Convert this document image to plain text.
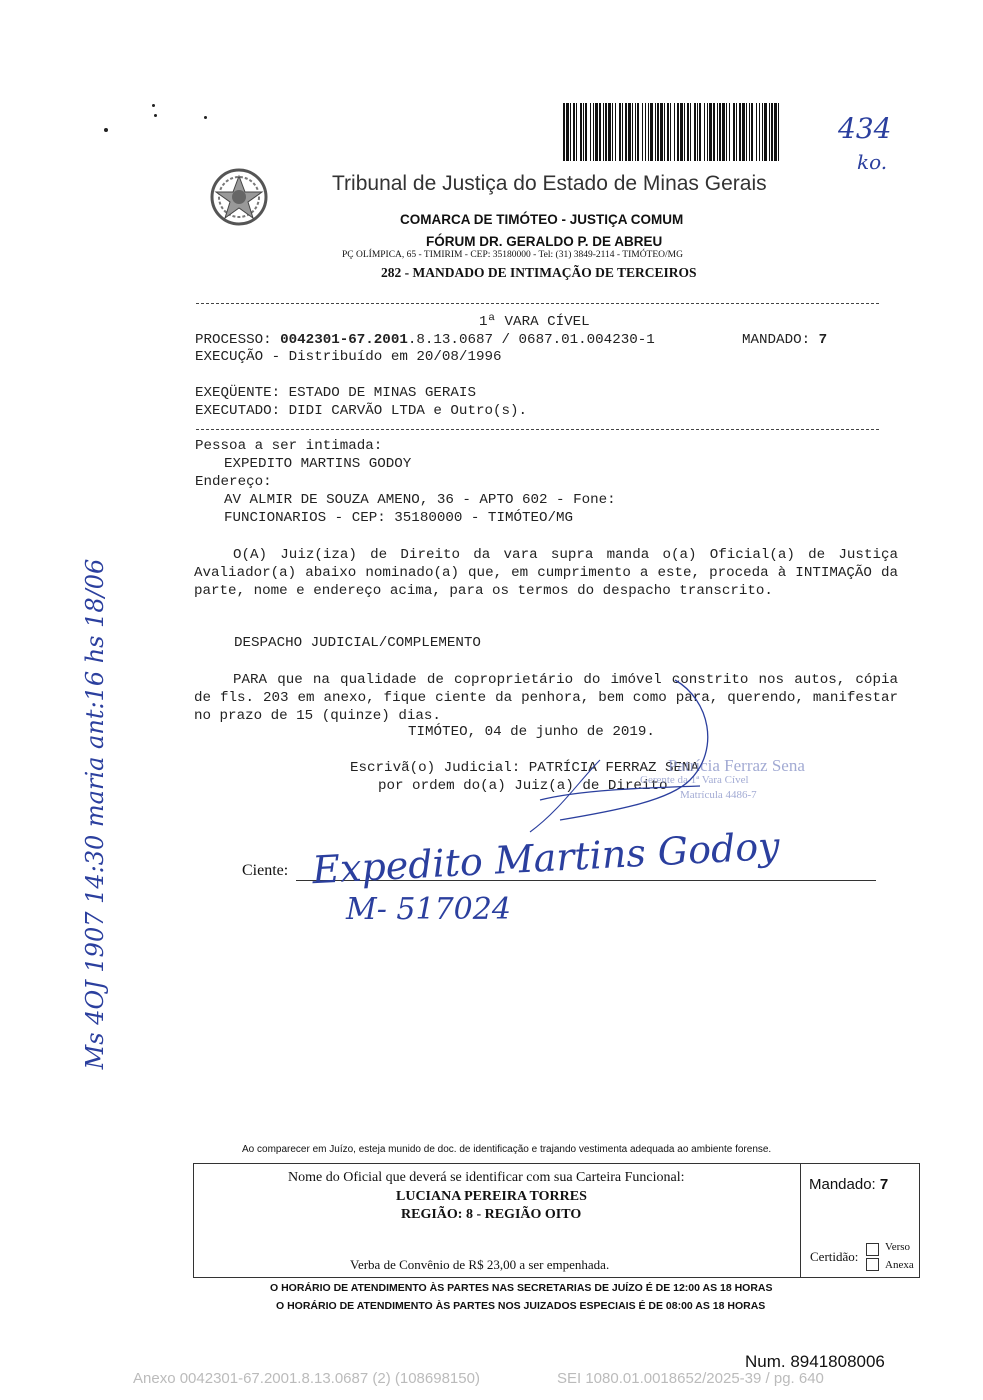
434
ko.
Tribunal de Justiça do Estado de Minas Gerais
COMARCA DE TIMÓTEO - JUSTIÇA COMUM
FÓRUM DR. GERALDO P. DE ABREU
PÇ OLÍMPICA, 65 - TIMIRIM - CEP: 35180000 - Tel: (31) 3849-2114 - TIMÓTEO/MG
282 - MANDADO DE INTIMAÇÃO DE TERCEIROS
1ª VARA CÍVEL
PROCESSO: 0042301-67.2001.8.13.0687 / 0687.01.004230-1	MANDADO: 7
EXECUÇÃO - Distribuído em 20/08/1996
EXEQÜENTE: ESTADO DE MINAS GERAIS
EXECUTADO: DIDI CARVÃO LTDA e Outro(s).
Pessoa a ser intimada:
EXPEDITO MARTINS GODOY
Endereço:
AV ALMIR DE SOUZA AMENO, 36 - APTO 602 - Fone:
FUNCIONARIOS - CEP: 35180000 - TIMÓTEO/MG
O(A) Juiz(iza) de Direito da vara supra manda o(a) Oficial(a) de Justiça Avaliador(a) abaixo nominado(a) que, em cumprimento a este, proceda à INTIMAÇÃO da parte, nome e endereço acima, para os termos do despacho transcrito.
DESPACHO JUDICIAL/COMPLEMENTO
PARA que na qualidade de coproprietário do imóvel constrito nos autos, cópia de fls. 203 em anexo, fique ciente da penhora, bem como para, querendo, manifestar no prazo de 15 (quinze) dias.
TIMÓTEO, 04 de junho de 2019.
Escrivã(o) Judicial: PATRÍCIA FERRAZ SENA
por ordem do(a) Juiz(a) de Direito
Patrícia Ferraz Sena
Gerente da 1ª Vara Cível
Matrícula 4486-7
Ciente: Expedito Martins Godoy
M- 517024
Ms 4OJ 1907 14:30 maria ant:16 hs 18/06
Ao comparecer em Juízo, esteja munido de doc. de identificação e trajando vestimenta adequada ao ambiente forense.
Nome do Oficial que deverá se identificar com sua Carteira Funcional:
LUCIANA PEREIRA TORRES
REGIÃO: 8 - REGIÃO OITO
Verba de Convênio de R$ 23,00 a ser empenhada.
Mandado: 7
Certidão:
Verso
Anexa
O HORÁRIO DE ATENDIMENTO ÀS PARTES NAS SECRETARIAS DE JUÍZO É DE 12:00 AS 18 HORAS
O HORÁRIO DE ATENDIMENTO ÀS PARTES NOS JUIZADOS ESPECIAIS É DE 08:00 AS 18 HORAS
Num. 8941808006
Anexo 0042301-67.2001.8.13.0687 (2) (108698150)	SEI 1080.01.0018652/2025-39 / pg. 640
